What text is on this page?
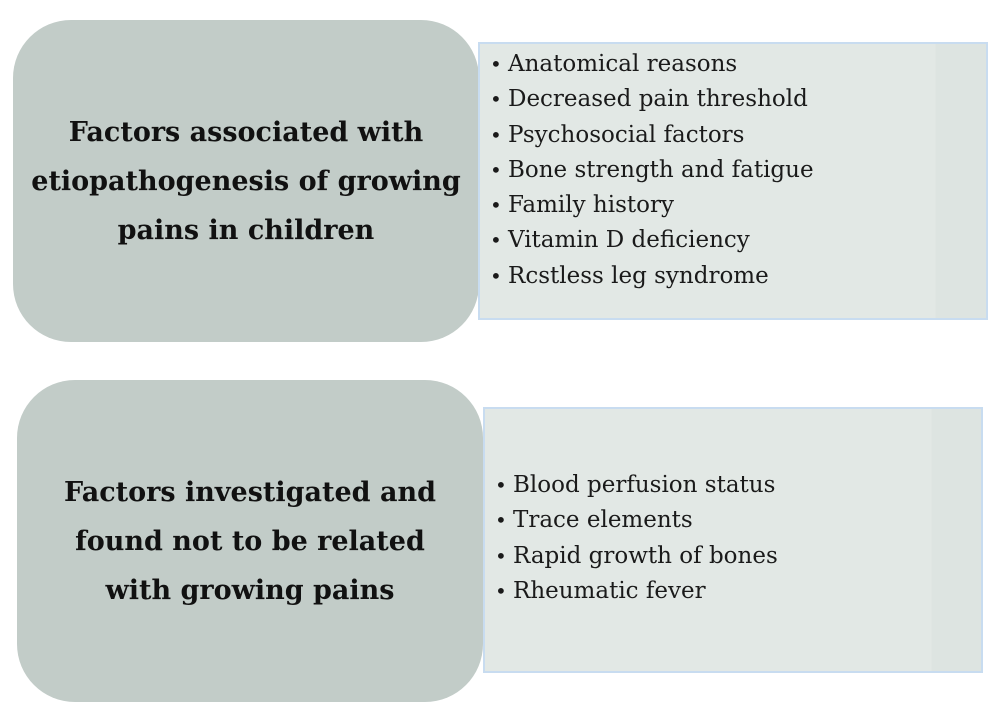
Factors associated with
etiopathogenesis of growing
pains in children
• Anatomical reasons
• Decreased pain threshold
• Psychosocial factors
• Bone strength and fatigue
• Family history
• Vitamin D deficiency
• Rcstless leg syndrome
Factors investigated and
found not to be related
with growing pains
• Blood perfusion status
• Trace elements
• Rapid growth of bones
• Rheumatic fever
